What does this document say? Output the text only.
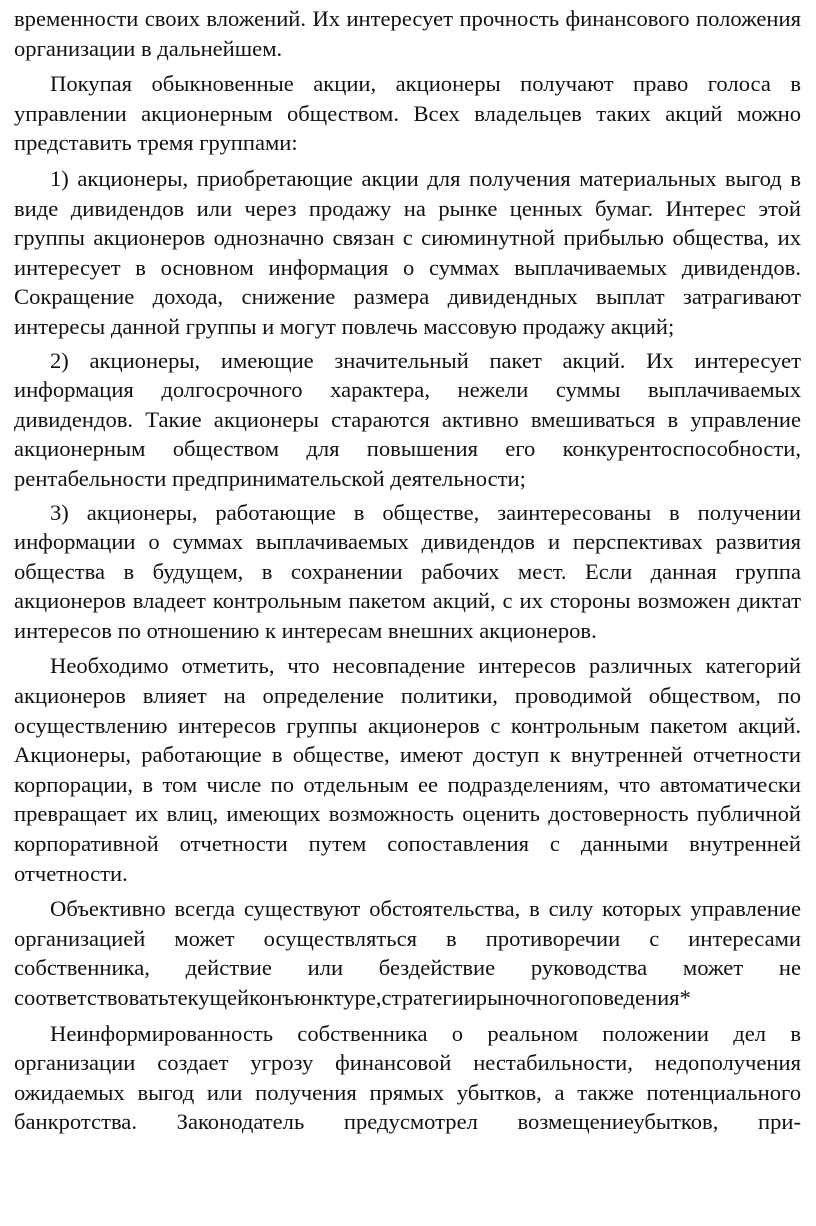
временности своих вложений. Их интересует прочность финансового положения организации в дальнейшем.

Покупая обыкновенные акции, акционеры получают право голоса в управлении акционерным обществом. Всех владельцев таких акций можно представить тремя группами:

1) акционеры, приобретающие акции для получения материальных выгод в виде дивидендов или через продажу на рынке ценных бумаг. Интерес этой группы акционеров однозначно связан с сиюминутной прибылью общества, их интересует в основном информация о суммах выплачиваемых дивидендов. Сокращение дохода, снижение размера дивидендных выплат затрагивают интересы данной группы и могут повлечь массовую продажу акций;

2) акционеры, имеющие значительный пакет акций. Их интересует информация долгосрочного характера, нежели суммы выплачиваемых дивидендов. Такие акционеры стараются активно вмешиваться в управление акционерным обществом для повышения его конкурентоспособности, рентабельности предпринимательской деятельности;

3) акционеры, работающие в обществе, заинтересованы в получении информации о суммах выплачиваемых дивидендов и перспективах развития общества в будущем, в сохранении рабочих мест. Если данная группа акционеров владеет контрольным пакетом акций, с их стороны возможен диктат интересов по отношению к интересам внешних акционеров.

Необходимо отметить, что несовпадение интересов различных категорий акционеров влияет на определение политики, проводимой обществом, по осуществлению интересов группы акционеров с контрольным пакетом акций. Акционеры, работающие в обществе, имеют доступ к внутренней отчетности корпорации, в том числе по отдельным ее подразделениям, что автоматически превращает их влиц, имеющих возможность оценить достоверность публичной корпоративной отчетности путем сопоставления с данными внутренней отчетности.

Объективно всегда существуют обстоятельства, в силу которых управление организацией может осуществляться в противоречии с интересами собственника, действие или бездействие руководства может не соответствоватьтекущейконъюнктуре,стратегиирыночногоповедения*

Неинформированность собственника о реальном положении дел в организации создает угрозу финансовой нестабильности, недополучения ожидаемых выгод или получения прямых убытков, а также потенциального банкротства. Законодатель предусмотрел возмещениеубытков, при-
